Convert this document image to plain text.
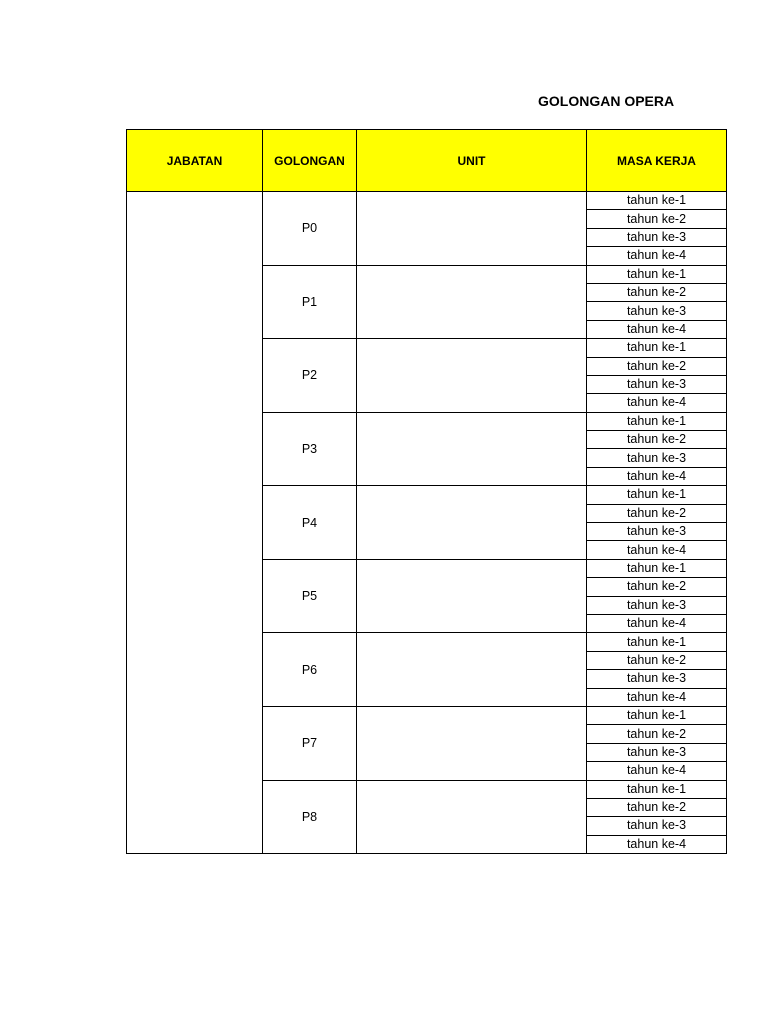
GOLONGAN OPERA
JABATAN	GOLONGAN	UNIT	MASA KERJA
	P0		tahun ke-1
			tahun ke-2
			tahun ke-3
			tahun ke-4
	P1		tahun ke-1
			tahun ke-2
			tahun ke-3
			tahun ke-4
	P2		tahun ke-1
			tahun ke-2
			tahun ke-3
			tahun ke-4
	P3		tahun ke-1
			tahun ke-2
			tahun ke-3
			tahun ke-4
	P4		tahun ke-1
			tahun ke-2
			tahun ke-3
			tahun ke-4
	P5		tahun ke-1
			tahun ke-2
			tahun ke-3
			tahun ke-4
	P6		tahun ke-1
			tahun ke-2
			tahun ke-3
			tahun ke-4
	P7		tahun ke-1
			tahun ke-2
			tahun ke-3
			tahun ke-4
	P8		tahun ke-1
			tahun ke-2
			tahun ke-3
			tahun ke-4
